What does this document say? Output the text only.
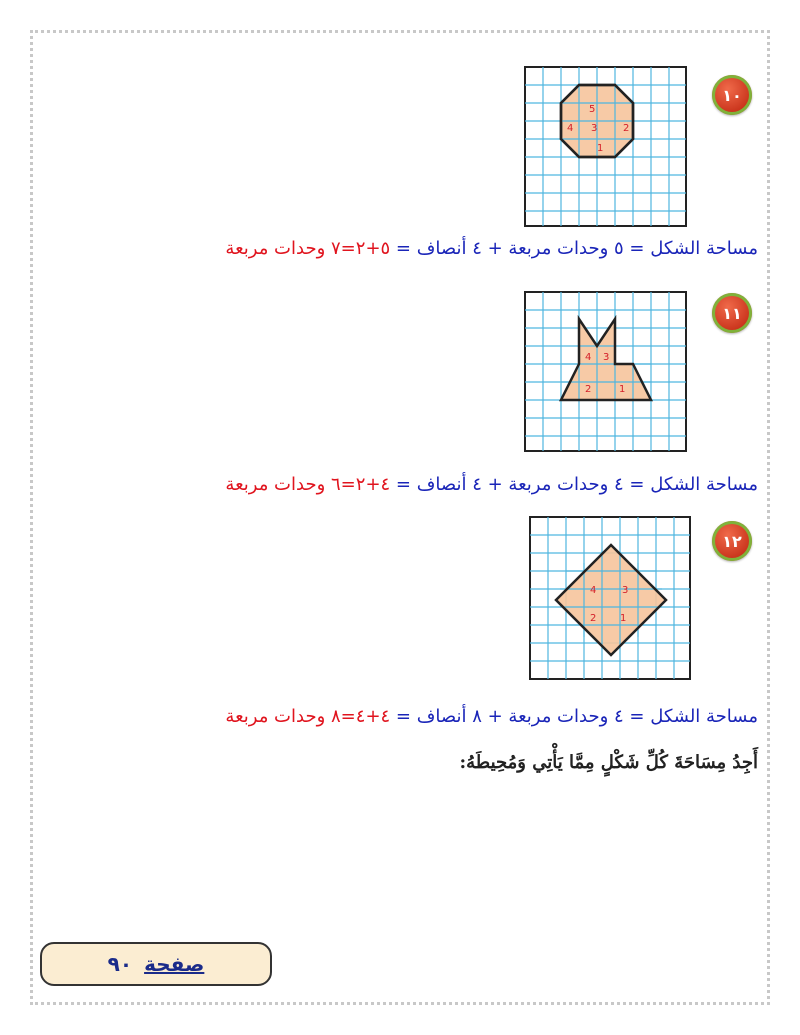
١٠
5
3
4	2
1
مساحة الشكل = ٥ وحدات مربعة + ٤ أنصاف = ٥+٢=٧ وحدات مربعة
١١
4 3
2	1
مساحة الشكل = ٤ وحدات مربعة + ٤ أنصاف = ٤+٢=٦ وحدات مربعة
١٢
4	3
2 1
مساحة الشكل = ٤ وحدات مربعة + ٨ أنصاف = ٤+٤=٨ وحدات مربعة
أَجِدُ مِسَاحَةَ كُلِّ شَكْلٍ مِمَّا يَأْتِي وَمُحِيطَهُ:
٩٠ صفحة
